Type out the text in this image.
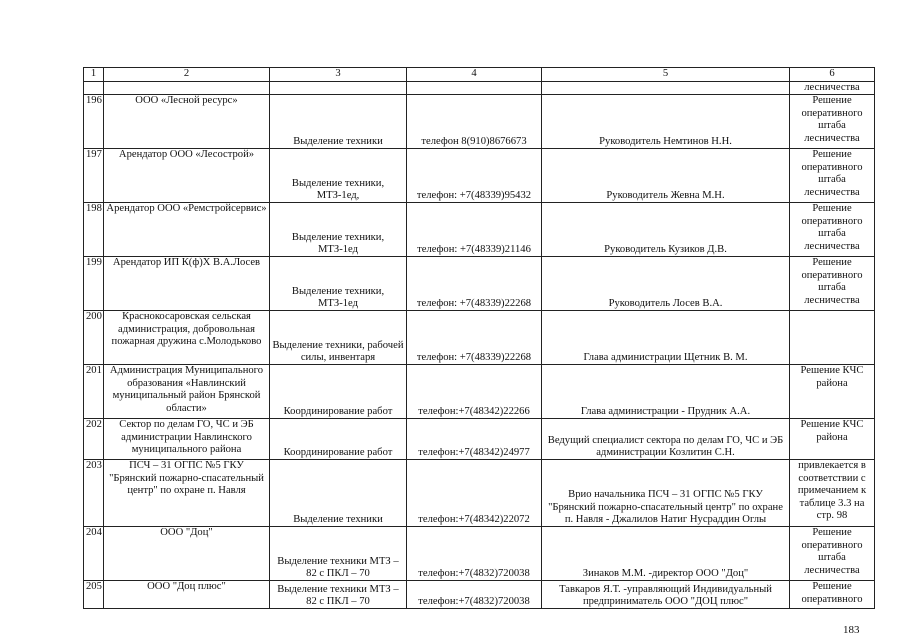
1	2	3	4	5	6
					лесничества
196	ООО «Лесной ресурс»	Выделение техники	телефон 8(910)8676673	Руководитель Немтинов Н.Н.	Решение оперативного штаба лесничества
197	Арендатор ООО «Лесострой»	Выделение техники, МТЗ-1ед,	телефон: +7(48339)95432	Руководитель Жевна М.Н.	Решение оперативного штаба лесничества
198	Арендатор ООО «Ремстройсервис»	Выделение техники, МТЗ-1ед	телефон: +7(48339)21146	Руководитель Кузиков Д.В.	Решение оперативного штаба лесничества
199	Арендатор ИП К(ф)Х В.А.Лосев	Выделение техники, МТЗ-1ед	телефон: +7(48339)22268	Руководитель Лосев В.А.	Решение оперативного штаба лесничества
200	Краснокосаровская сельская администрация, добровольная пожарная дружина с.Молодьково	Выделение техники, рабочей силы, инвентаря	телефон: +7(48339)22268	Глава администрации Щетник В. М.	
201	Администрация Муниципального образования «Навлинский муниципальный район Брянской области»	Координирование работ	телефон:+7(48342)22266	Глава администрации - Прудник А.А.	Решение КЧС района
202	Сектор по делам ГО, ЧС и ЭБ администрации Навлинского муниципального района	Координирование работ	телефон:+7(48342)24977	Ведущий специалист сектора по делам ГО, ЧС и ЭБ администрации Козлитин С.Н.	Решение КЧС района
203	ПСЧ – 31 ОГПС №5 ГКУ "Брянский пожарно-спасательный центр" по охране п. Навля	Выделение техники	телефон:+7(48342)22072	Врио начальника ПСЧ – 31 ОГПС №5 ГКУ "Брянский пожарно-спасательный центр" по охране п. Навля - Джалилов Натиг Нусраддин Оглы	привлекается в соответствии с примечанием к таблице 3.3 на стр. 98
204	ООО "Доц"	Выделение техники МТЗ – 82 с ПКЛ – 70	телефон:+7(4832)720038	Зинаков М.М. -директор ООО "Доц"	Решение оперативного штаба лесничества
205	ООО "Доц плюс"	Выделение техники МТЗ – 82 с ПКЛ – 70	телефон:+7(4832)720038	Тавкаров Я.Т. -управляющий Индивидуальный предприниматель ООО "ДОЦ плюс"	Решение оперативного
183
